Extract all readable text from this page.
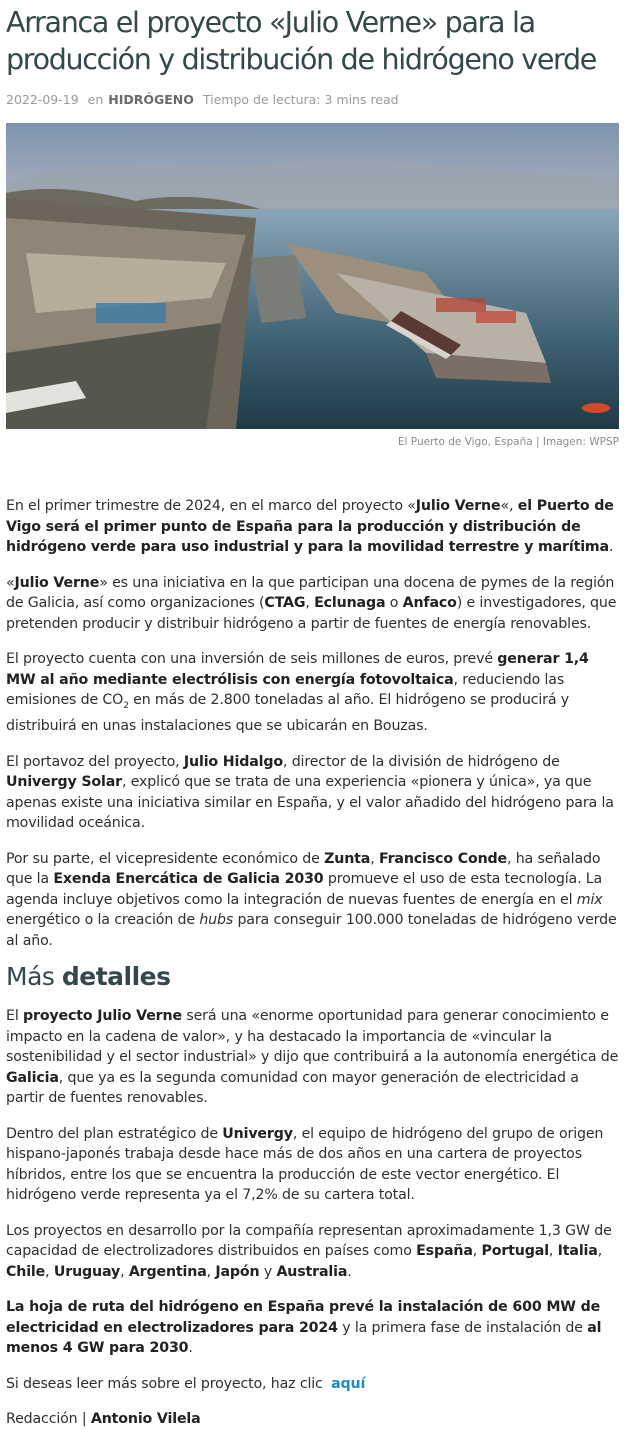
Arranca el proyecto «Julio Verne» para la producción y distribución de hidrógeno verde
2022-09-19 en HIDRÓGENO Tiempo de lectura: 3 mins read
El Puerto de Vigo, España | Imagen: WPSP

En el primer trimestre de 2024, en el marco del proyecto «Julio Verne«, el Puerto de Vigo será el primer punto de España para la producción y distribución de hidrógeno verde para uso industrial y para la movilidad terrestre y marítima.

«Julio Verne» es una iniciativa en la que participan una docena de pymes de la región de Galicia, así como organizaciones (CTAG, Eclunaga o Anfaco) e investigadores, que pretenden producir y distribuir hidrógeno a partir de fuentes de energía renovables.

El proyecto cuenta con una inversión de seis millones de euros, prevé generar 1,4 MW al año mediante electrólisis con energía fotovoltaica, reduciendo las emisiones de $CO_2$ en más de 2.800 toneladas al año. El hidrógeno se producirá y distribuirá en unas instalaciones que se ubicarán en Bouzas.

El portavoz del proyecto, Julio Hidalgo, director de la división de hidrógeno de Univergy Solar, explicó que se trata de una experiencia «pionera y única», ya que apenas existe una iniciativa similar en España, y el valor añadido del hidrógeno para la movilidad oceánica.

Por su parte, el vicepresidente económico de Zunta, Francisco Conde, ha señalado que la Exenda Enercática de Galicia 2030 promueve el uso de esta tecnología. La agenda incluye objetivos como la integración de nuevas fuentes de energía en el mix energético o la creación de hubs para conseguir 100.000 toneladas de hidrógeno verde al año.

Más detalles

El proyecto Julio Verne será una «enorme oportunidad para generar conocimiento e impacto en la cadena de valor», y ha destacado la importancia de «vincular la sostenibilidad y el sector industrial» y dijo que contribuirá a la autonomía energética de Galicia, que ya es la segunda comunidad con mayor generación de electricidad a partir de fuentes renovables.

Dentro del plan estratégico de Univergy, el equipo de hidrógeno del grupo de origen hispano-japonés trabaja desde hace más de dos años en una cartera de proyectos híbridos, entre los que se encuentra la producción de este vector energético. El hidrógeno verde representa ya el 7,2% de su cartera total.

Los proyectos en desarrollo por la compañía representan aproximadamente 1,3 GW de capacidad de electrolizadores distribuidos en países como España, Portugal, Italia, Chile, Uruguay, Argentina, Japón y Australia.

La hoja de ruta del hidrógeno en España prevé la instalación de 600 MW de electricidad en electrolizadores para 2024 y la primera fase de instalación de al menos 4 GW para 2030.

Si deseas leer más sobre el proyecto, haz clic aquí

Redacción | Antonio Vilela
